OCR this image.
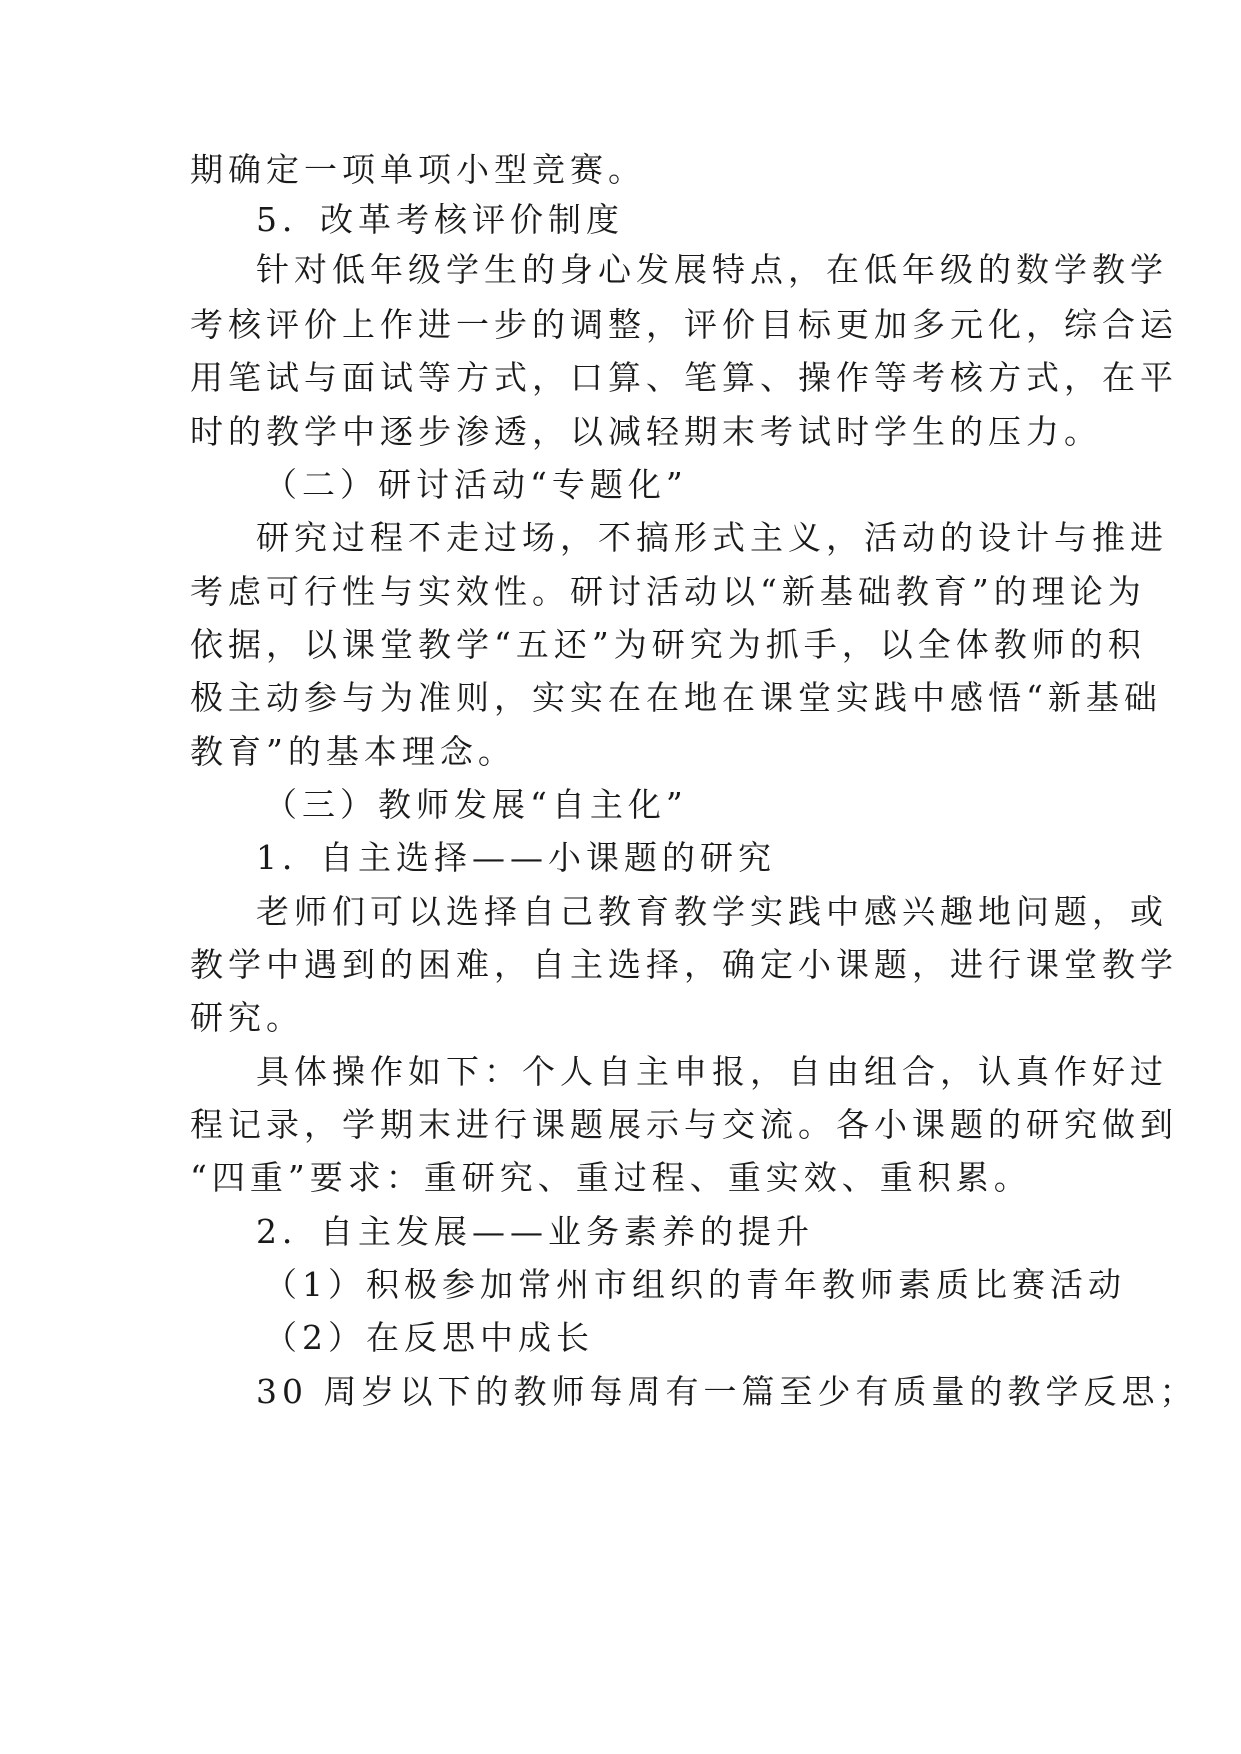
期确定一项单项小型竞赛。
5．改革考核评价制度
针对低年级学生的身心发展特点，在低年级的数学教学
考核评价上作进一步的调整，评价目标更加多元化，综合运
用笔试与面试等方式，口算、笔算、操作等考核方式，在平
时的教学中逐步渗透，以减轻期末考试时学生的压力。
（二）研讨活动“专题化”
研究过程不走过场，不搞形式主义，活动的设计与推进
考虑可行性与实效性。研讨活动以“新基础教育”的理论为
依据，以课堂教学“五还”为研究为抓手，以全体教师的积
极主动参与为准则，实实在在地在课堂实践中感悟“新基础
教育”的基本理念。
（三）教师发展“自主化”
1．自主选择——小课题的研究
老师们可以选择自己教育教学实践中感兴趣地问题，或
教学中遇到的困难，自主选择，确定小课题，进行课堂教学
研究。
具体操作如下：个人自主申报，自由组合，认真作好过
程记录，学期末进行课题展示与交流。各小课题的研究做到
“四重”要求：重研究、重过程、重实效、重积累。
2．自主发展——业务素养的提升
（1）积极参加常州市组织的青年教师素质比赛活动
（2）在反思中成长
30 周岁以下的教师每周有一篇至少有质量的教学反思；
